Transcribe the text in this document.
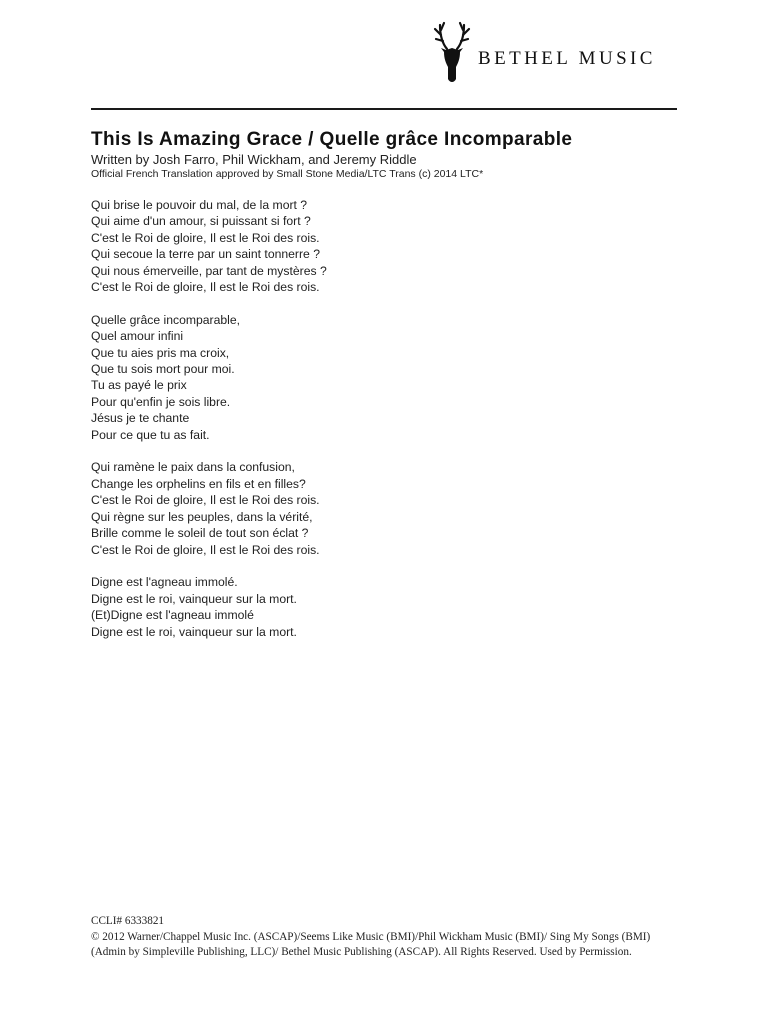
BETHEL MUSIC
This Is Amazing Grace / Quelle grâce Incomparable
Written by Josh Farro, Phil Wickham, and Jeremy Riddle
Official French Translation approved by Small Stone Media/LTC Trans (c) 2014 LTC*
Qui brise le pouvoir du mal, de la mort ?
Qui aime d'un amour, si puissant si fort ?
C'est le Roi de gloire, Il est le Roi des rois.
Qui secoue la terre par un saint tonnerre ?
Qui nous émerveille, par tant de mystères ?
C'est le Roi de gloire, Il est le Roi des rois.
Quelle grâce incomparable,
Quel amour infini
Que tu aies pris ma croix,
Que tu sois mort pour moi.
Tu as payé le prix
Pour qu'enfin je sois libre.
Jésus je te chante
Pour ce que tu as fait.
Qui ramène le paix dans la confusion,
Change les orphelins en fils et en filles?
C'est le Roi de gloire, Il est le Roi des rois.
Qui règne sur les peuples, dans la vérité,
Brille comme le soleil de tout son éclat ?
C'est le Roi de gloire, Il est le Roi des rois.
Digne est l'agneau immolé.
Digne est le roi, vainqueur sur la mort.
(Et)Digne est l'agneau immolé
Digne est le roi, vainqueur sur la mort.
CCLI# 6333821
© 2012 Warner/Chappel Music Inc. (ASCAP)/Seems Like Music (BMI)/Phil Wickham Music (BMI)/ Sing My Songs (BMI) (Admin by Simpleville Publishing, LLC)/ Bethel Music Publishing (ASCAP). All Rights Reserved. Used by Permission.
